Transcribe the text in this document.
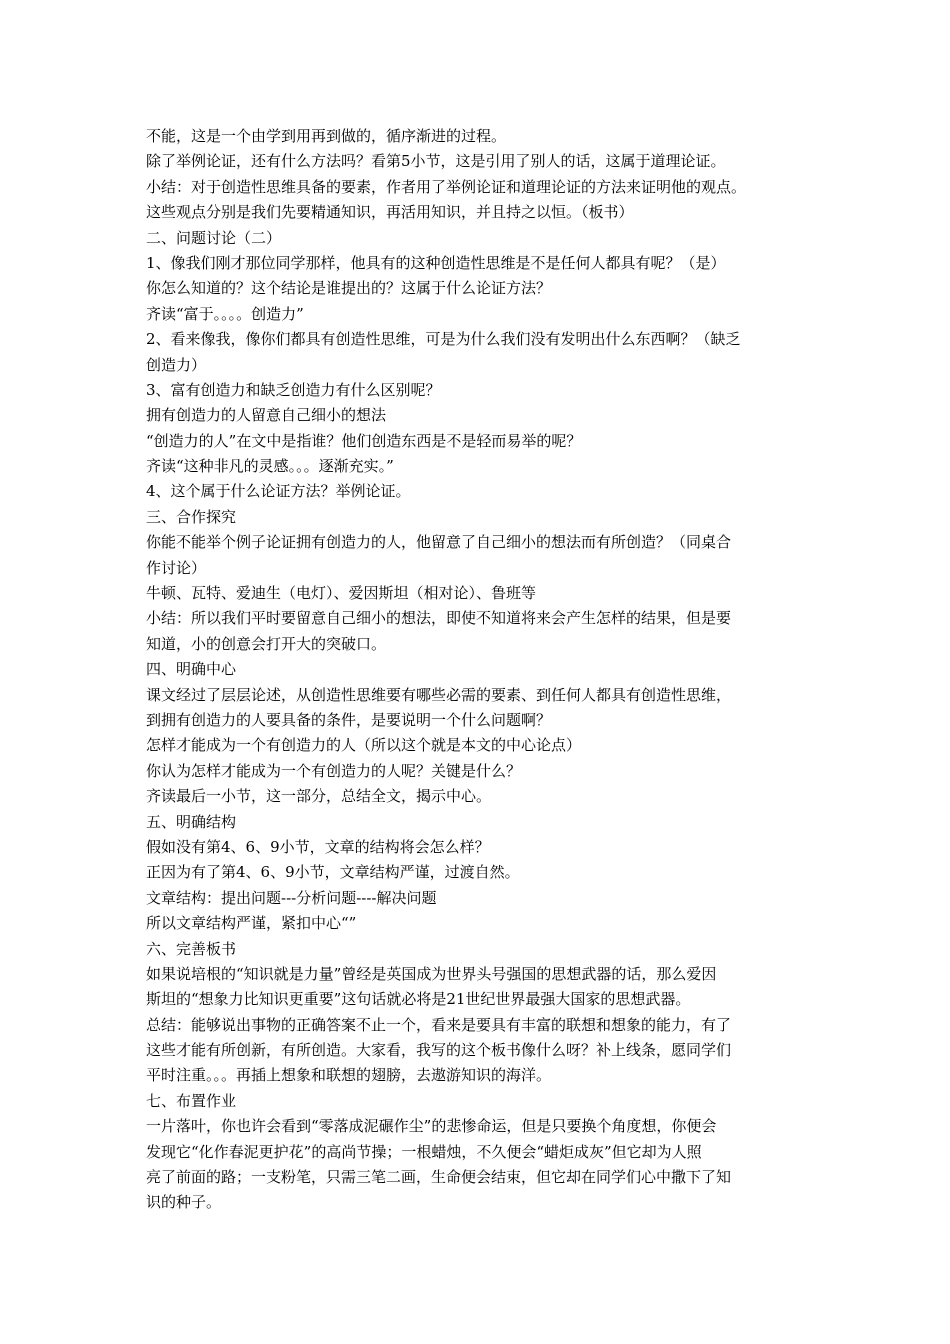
不能，这是一个由学到用再到做的，循序渐进的过程。

除了举例论证，还有什么方法吗？看第5小节，这是引用了别人的话，这属于道理论证。

小结：对于创造性思维具备的要素，作者用了举例论证和道理论证的方法来证明他的观点。

这些观点分别是我们先要精通知识，再活用知识，并且持之以恒。（板书）

二、问题讨论（二）

1、像我们刚才那位同学那样，他具有的这种创造性思维是不是任何人都具有呢？（是）

你怎么知道的？这个结论是谁提出的？这属于什么论证方法？

齐读“富于。。。。创造力”

2、看来像我，像你们都具有创造性思维，可是为什么我们没有发明出什么东西啊？（缺乏

创造力）

3、富有创造力和缺乏创造力有什么区别呢？

拥有创造力的人留意自己细小的想法

“创造力的人”在文中是指谁？他们创造东西是不是轻而易举的呢？

齐读“这种非凡的灵感。。。逐渐充实。”

4、这个属于什么论证方法？举例论证。

三、合作探究

你能不能举个例子论证拥有创造力的人，他留意了自己细小的想法而有所创造？（同桌合

作讨论）

牛顿、瓦特、爱迪生（电灯）、爱因斯坦（相对论）、鲁班等

小结：所以我们平时要留意自己细小的想法，即使不知道将来会产生怎样的结果，但是要

知道，小的创意会打开大的突破口。

四、明确中心

课文经过了层层论述，从创造性思维要有哪些必需的要素、到任何人都具有创造性思维，

到拥有创造力的人要具备的条件，是要说明一个什么问题啊？

怎样才能成为一个有创造力的人（所以这个就是本文的中心论点）

你认为怎样才能成为一个有创造力的人呢？关键是什么？

齐读最后一小节，这一部分，总结全文，揭示中心。

五、明确结构

假如没有第4、6、9小节，文章的结构将会怎么样？

正因为有了第4、6、9小节，文章结构严谨，过渡自然。

文章结构：提出问题---分析问题----解决问题

所以文章结构严谨，紧扣中心“”

六、完善板书

如果说培根的“知识就是力量”曾经是英国成为世界头号强国的思想武器的话，那么爱因

斯坦的“想象力比知识更重要”这句话就必将是21世纪世界最强大国家的思想武器。

总结：能够说出事物的正确答案不止一个，看来是要具有丰富的联想和想象的能力，有了

这些才能有所创新，有所创造。大家看，我写的这个板书像什么呀？补上线条，愿同学们

平时注重。。。再插上想象和联想的翅膀，去遨游知识的海洋。

七、布置作业

一片落叶，你也许会看到“零落成泥碾作尘”的悲惨命运，但是只要换个角度想，你便会

发现它“化作春泥更护花”的高尚节操；一根蜡烛，不久便会“蜡炬成灰”但它却为人照

亮了前面的路；一支粉笔，只需三笔二画，生命便会结束，但它却在同学们心中撒下了知

识的种子。
